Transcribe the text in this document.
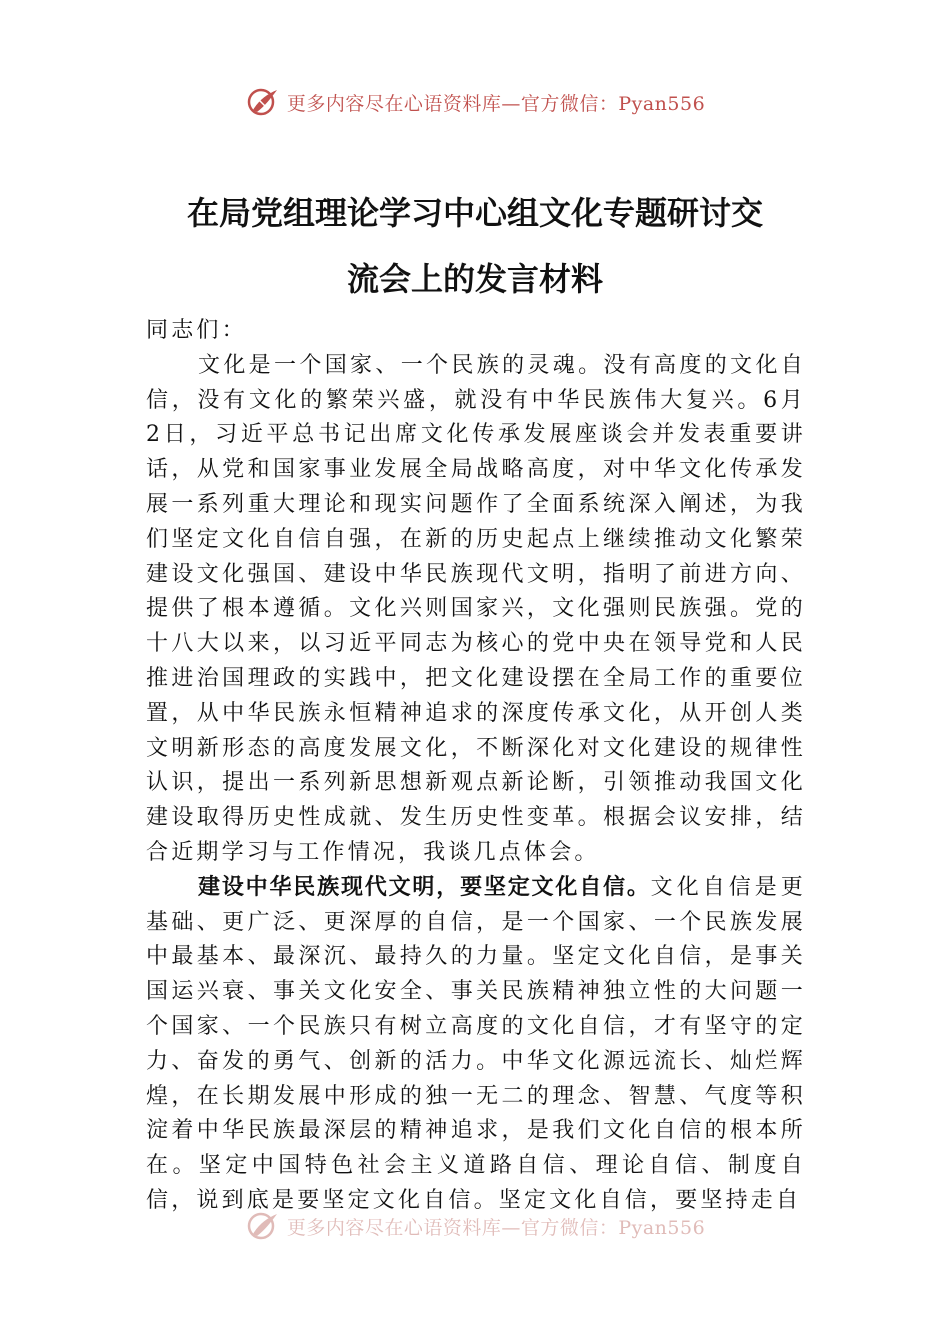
更多内容尽在心语资料库—官方微信：Pyan556
在局党组理论学习中心组文化专题研讨交
流会上的发言材料

同志们：

文化是一个国家、一个民族的灵魂。没有高度的文化自信，没有文化的繁荣兴盛，就没有中华民族伟大复兴。6月2日，习近平总书记出席文化传承发展座谈会并发表重要讲话，从党和国家事业发展全局战略高度，对中华文化传承发展一系列重大理论和现实问题作了全面系统深入阐述，为我们坚定文化自信自强，在新的历史起点上继续推动文化繁荣建设文化强国、建设中华民族现代文明，指明了前进方向、提供了根本遵循。文化兴则国家兴，文化强则民族强。党的十八大以来，以习近平同志为核心的党中央在领导党和人民推进治国理政的实践中，把文化建设摆在全局工作的重要位置，从中华民族永恒精神追求的深度传承文化，从开创人类文明新形态的高度发展文化，不断深化对文化建设的规律性认识，提出一系列新思想新观点新论断，引领推动我国文化建设取得历史性成就、发生历史性变革。根据会议安排，结合近期学习与工作情况，我谈几点体会。

建设中华民族现代文明，要坚定文化自信。文化自信是更基础、更广泛、更深厚的自信，是一个国家、一个民族发展中最基本、最深沉、最持久的力量。坚定文化自信，是事关国运兴衰、事关文化安全、事关民族精神独立性的大问题一个国家、一个民族只有树立高度的文化自信，才有坚守的定力、奋发的勇气、创新的活力。中华文化源远流长、灿烂辉煌，在长期发展中形成的独一无二的理念、智慧、气度等积淀着中华民族最深层的精神追求，是我们文化自信的根本所在。坚定中国特色社会主义道路自信、理论自信、制度自信，说到底是要坚定文化自信。坚定文化自信，要坚持走自

更多内容尽在心语资料库—官方微信：Pyan556
